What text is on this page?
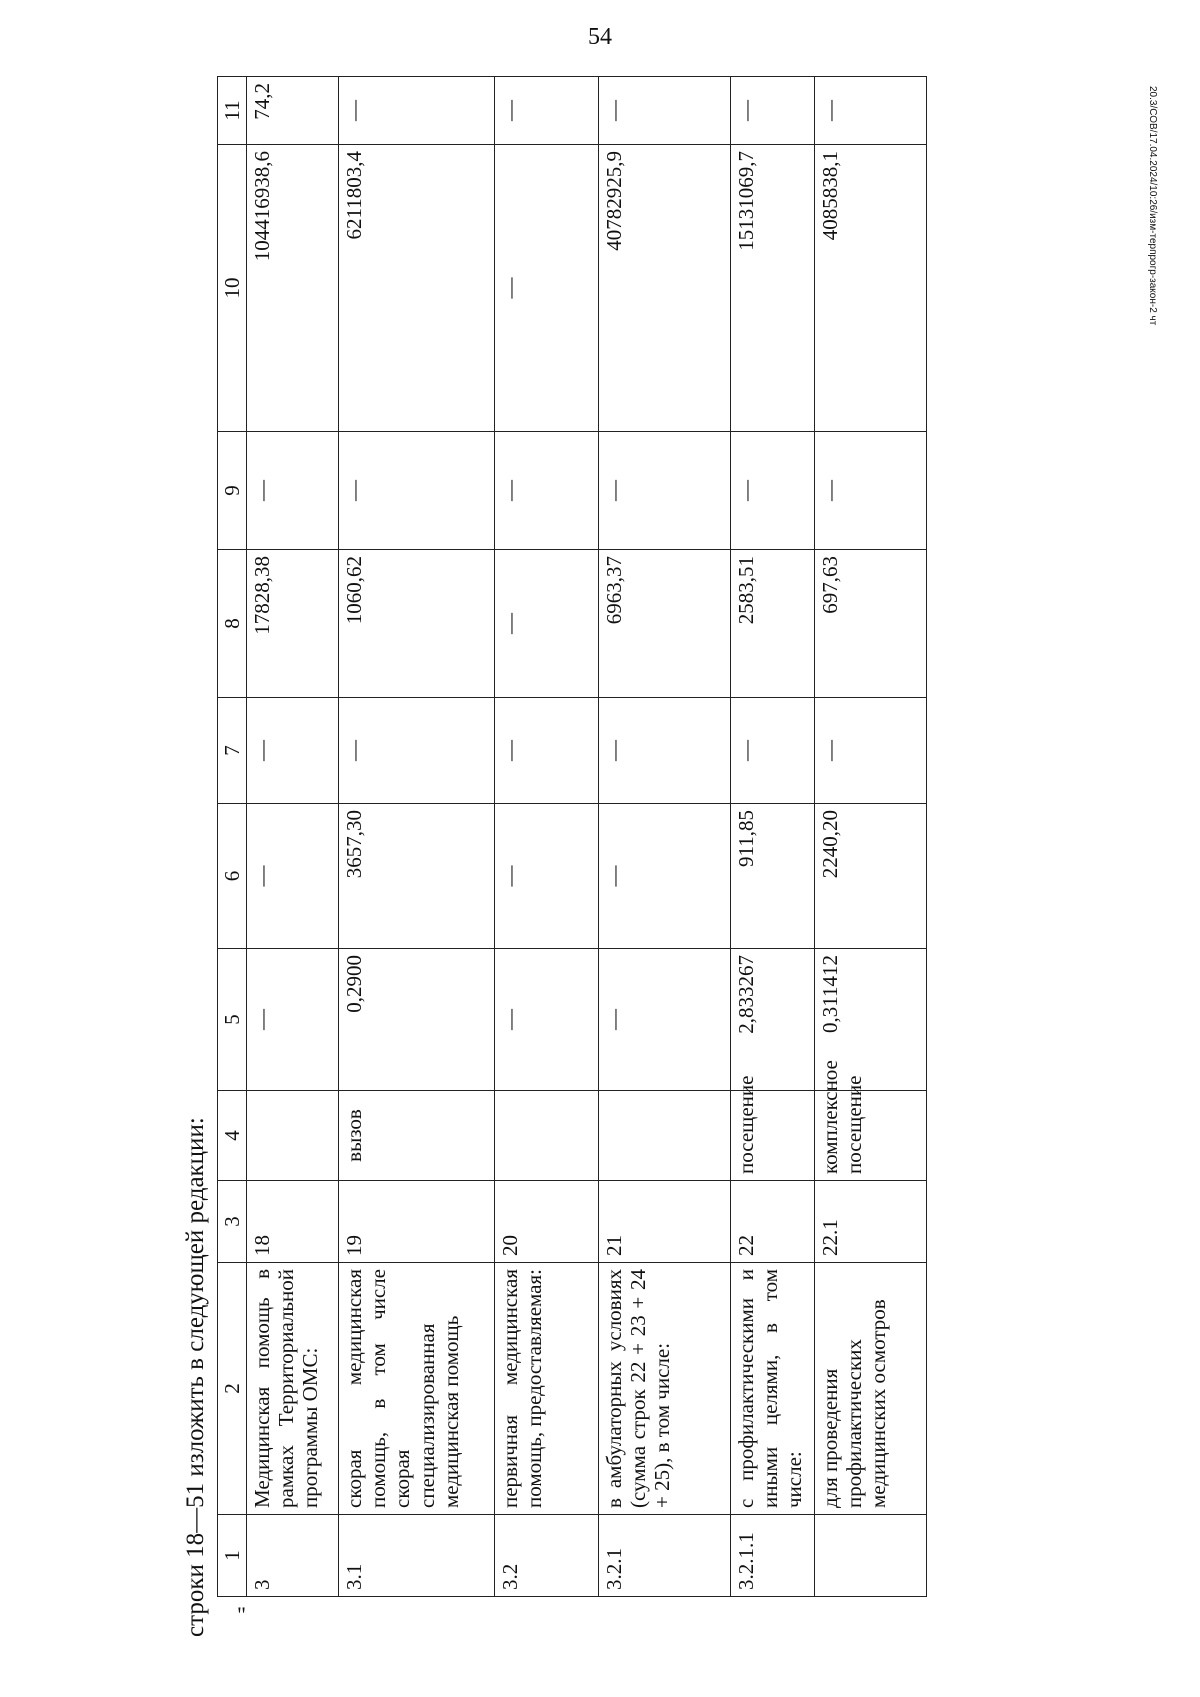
54
20.3/СОВ/17.04.2024/10:26/изм-терпрогр-закон-2 чт
"
строки 18—51 изложить в следующей редакции: 1	2	3	4	5	6	7	8	9	10	11
3	Медицинская помощь в рамках Территориальной программы ОМС:	18		—	—	—	17828,38	—	104416938,6	74,2
3.1	скорая медицинская помощь, в том числе скорая специализированная медицинская помощь	19	вызов	0,2900	3657,30	—	1060,62	—	6211803,4	—
3.2	первичная медицинская помощь, предоставляемая:	20		—	—	—	—	—	—	—
3.2.1	в амбулаторных условиях (сумма строк 22 + 23 + 24 + 25), в том числе:	21		—	—	—	6963,37	—	40782925,9	—
3.2.1.1	с профилактическими и иными целями, в том числе:	22	посещение	2,833267	911,85	—	2583,51	—	15131069,7	—
	для проведения профилактических медицинских осмотров	22.1	комплексное посещение	0,311412	2240,20	—	697,63	—	4085838,1	—
